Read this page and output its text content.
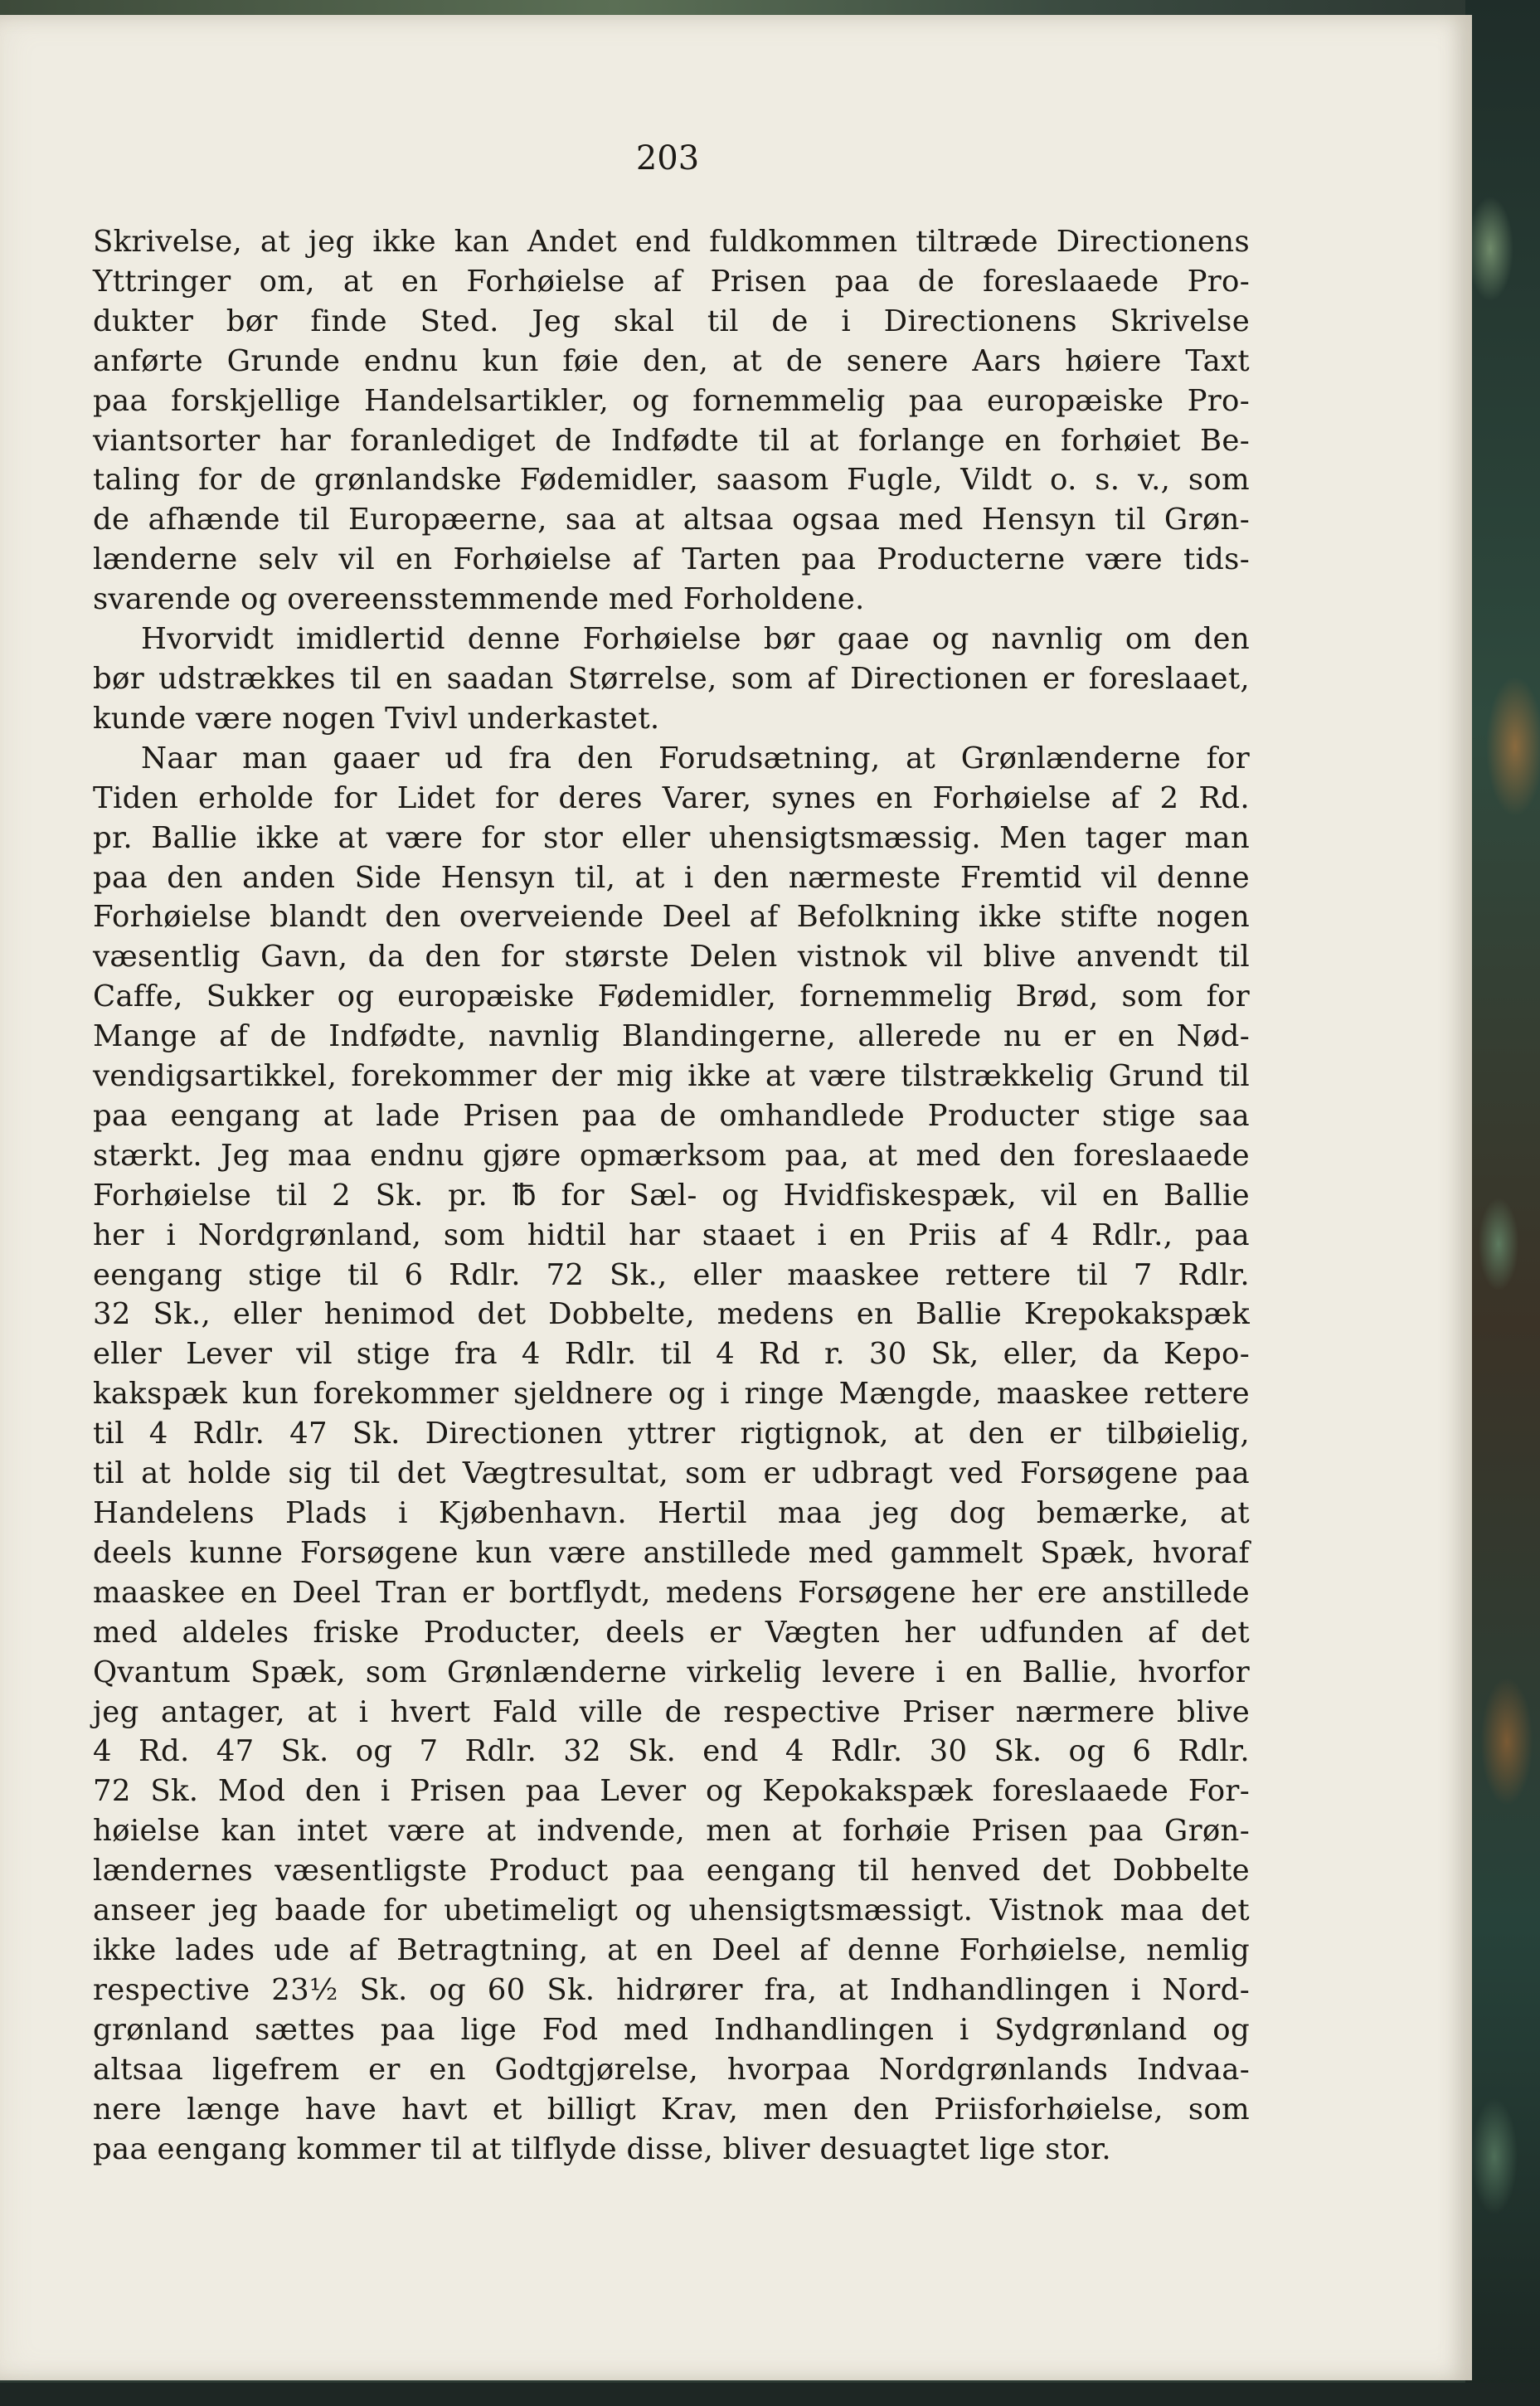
203

Skrivelse, at jeg ikke kan Andet end fuldkommen tiltræde Directionens
Yttringer om, at en Forhøielse af Prisen paa de foreslaaede Pro-
dukter bør finde Sted. Jeg skal til de i Directionens Skrivelse
anførte Grunde endnu kun føie den, at de senere Aars høiere Taxt
paa forskjellige Handelsartikler, og fornemmelig paa europæiske Pro-
viantsorter har foranlediget de Indfødte til at forlange en forhøiet Be-
taling for de grønlandske Fødemidler, saasom Fugle, Vildt o. s. v., som
de afhænde til Europæerne, saa at altsaa ogsaa med Hensyn til Grøn-
lænderne selv vil en Forhøielse af Tarten paa Producterne være tids-
svarende og overeensstemmende med Forholdene.

Hvorvidt imidlertid denne Forhøielse bør gaae og navnlig om den
bør udstrækkes til en saadan Størrelse, som af Directionen er foreslaaet,
kunde være nogen Tvivl underkastet.

Naar man gaaer ud fra den Forudsætning, at Grønlænderne for
Tiden erholde for Lidet for deres Varer, synes en Forhøielse af 2 Rd.
pr. Ballie ikke at være for stor eller uhensigtsmæssig. Men tager man
paa den anden Side Hensyn til, at i den nærmeste Fremtid vil denne
Forhøielse blandt den overveiende Deel af Befolkning ikke stifte nogen
væsentlig Gavn, da den for største Delen vistnok vil blive anvendt til
Caffe, Sukker og europæiske Fødemidler, fornemmelig Brød, som for
Mange af de Indfødte, navnlig Blandingerne, allerede nu er en Nød-
vendigsartikkel, forekommer der mig ikke at være tilstrækkelig Grund til
paa eengang at lade Prisen paa de omhandlede Producter stige saa
stærkt. Jeg maa endnu gjøre opmærksom paa, at med den foreslaaede
Forhøielse til 2 Sk. pr. ℔ for Sæl- og Hvidfiskespæk, vil en Ballie
her i Nordgrønland, som hidtil har staaet i en Priis af 4 Rdlr., paa
eengang stige til 6 Rdlr. 72 Sk., eller maaskee rettere til 7 Rdlr.
32 Sk., eller henimod det Dobbelte, medens en Ballie Krepokakspæk
eller Lever vil stige fra 4 Rdlr. til 4 Rd r. 30 Sk, eller, da Kepo-
kakspæk kun forekommer sjeldnere og i ringe Mængde, maaskee rettere
til 4 Rdlr. 47 Sk. Directionen yttrer rigtignok, at den er tilbøielig,
til at holde sig til det Vægtresultat, som er udbragt ved Forsøgene paa
Handelens Plads i Kjøbenhavn. Hertil maa jeg dog bemærke, at
deels kunne Forsøgene kun være anstillede med gammelt Spæk, hvoraf
maaskee en Deel Tran er bortflydt, medens Forsøgene her ere anstillede
med aldeles friske Producter, deels er Vægten her udfunden af det
Qvantum Spæk, som Grønlænderne virkelig levere i en Ballie, hvorfor
jeg antager, at i hvert Fald ville de respective Priser nærmere blive
4 Rd. 47 Sk. og 7 Rdlr. 32 Sk. end 4 Rdlr. 30 Sk. og 6 Rdlr.
72 Sk. Mod den i Prisen paa Lever og Kepokakspæk foreslaaede For-
høielse kan intet være at indvende, men at forhøie Prisen paa Grøn-
lændernes væsentligste Product paa eengang til henved det Dobbelte
anseer jeg baade for ubetimeligt og uhensigtsmæssigt. Vistnok maa det
ikke lades ude af Betragtning, at en Deel af denne Forhøielse, nemlig
respective 23½ Sk. og 60 Sk. hidrører fra, at Indhandlingen i Nord-
grønland sættes paa lige Fod med Indhandlingen i Sydgrønland og
altsaa ligefrem er en Godtgjørelse, hvorpaa Nordgrønlands Indvaa-
nere længe have havt et billigt Krav, men den Priisforhøielse, som
paa eengang kommer til at tilflyde disse, bliver desuagtet lige stor.
